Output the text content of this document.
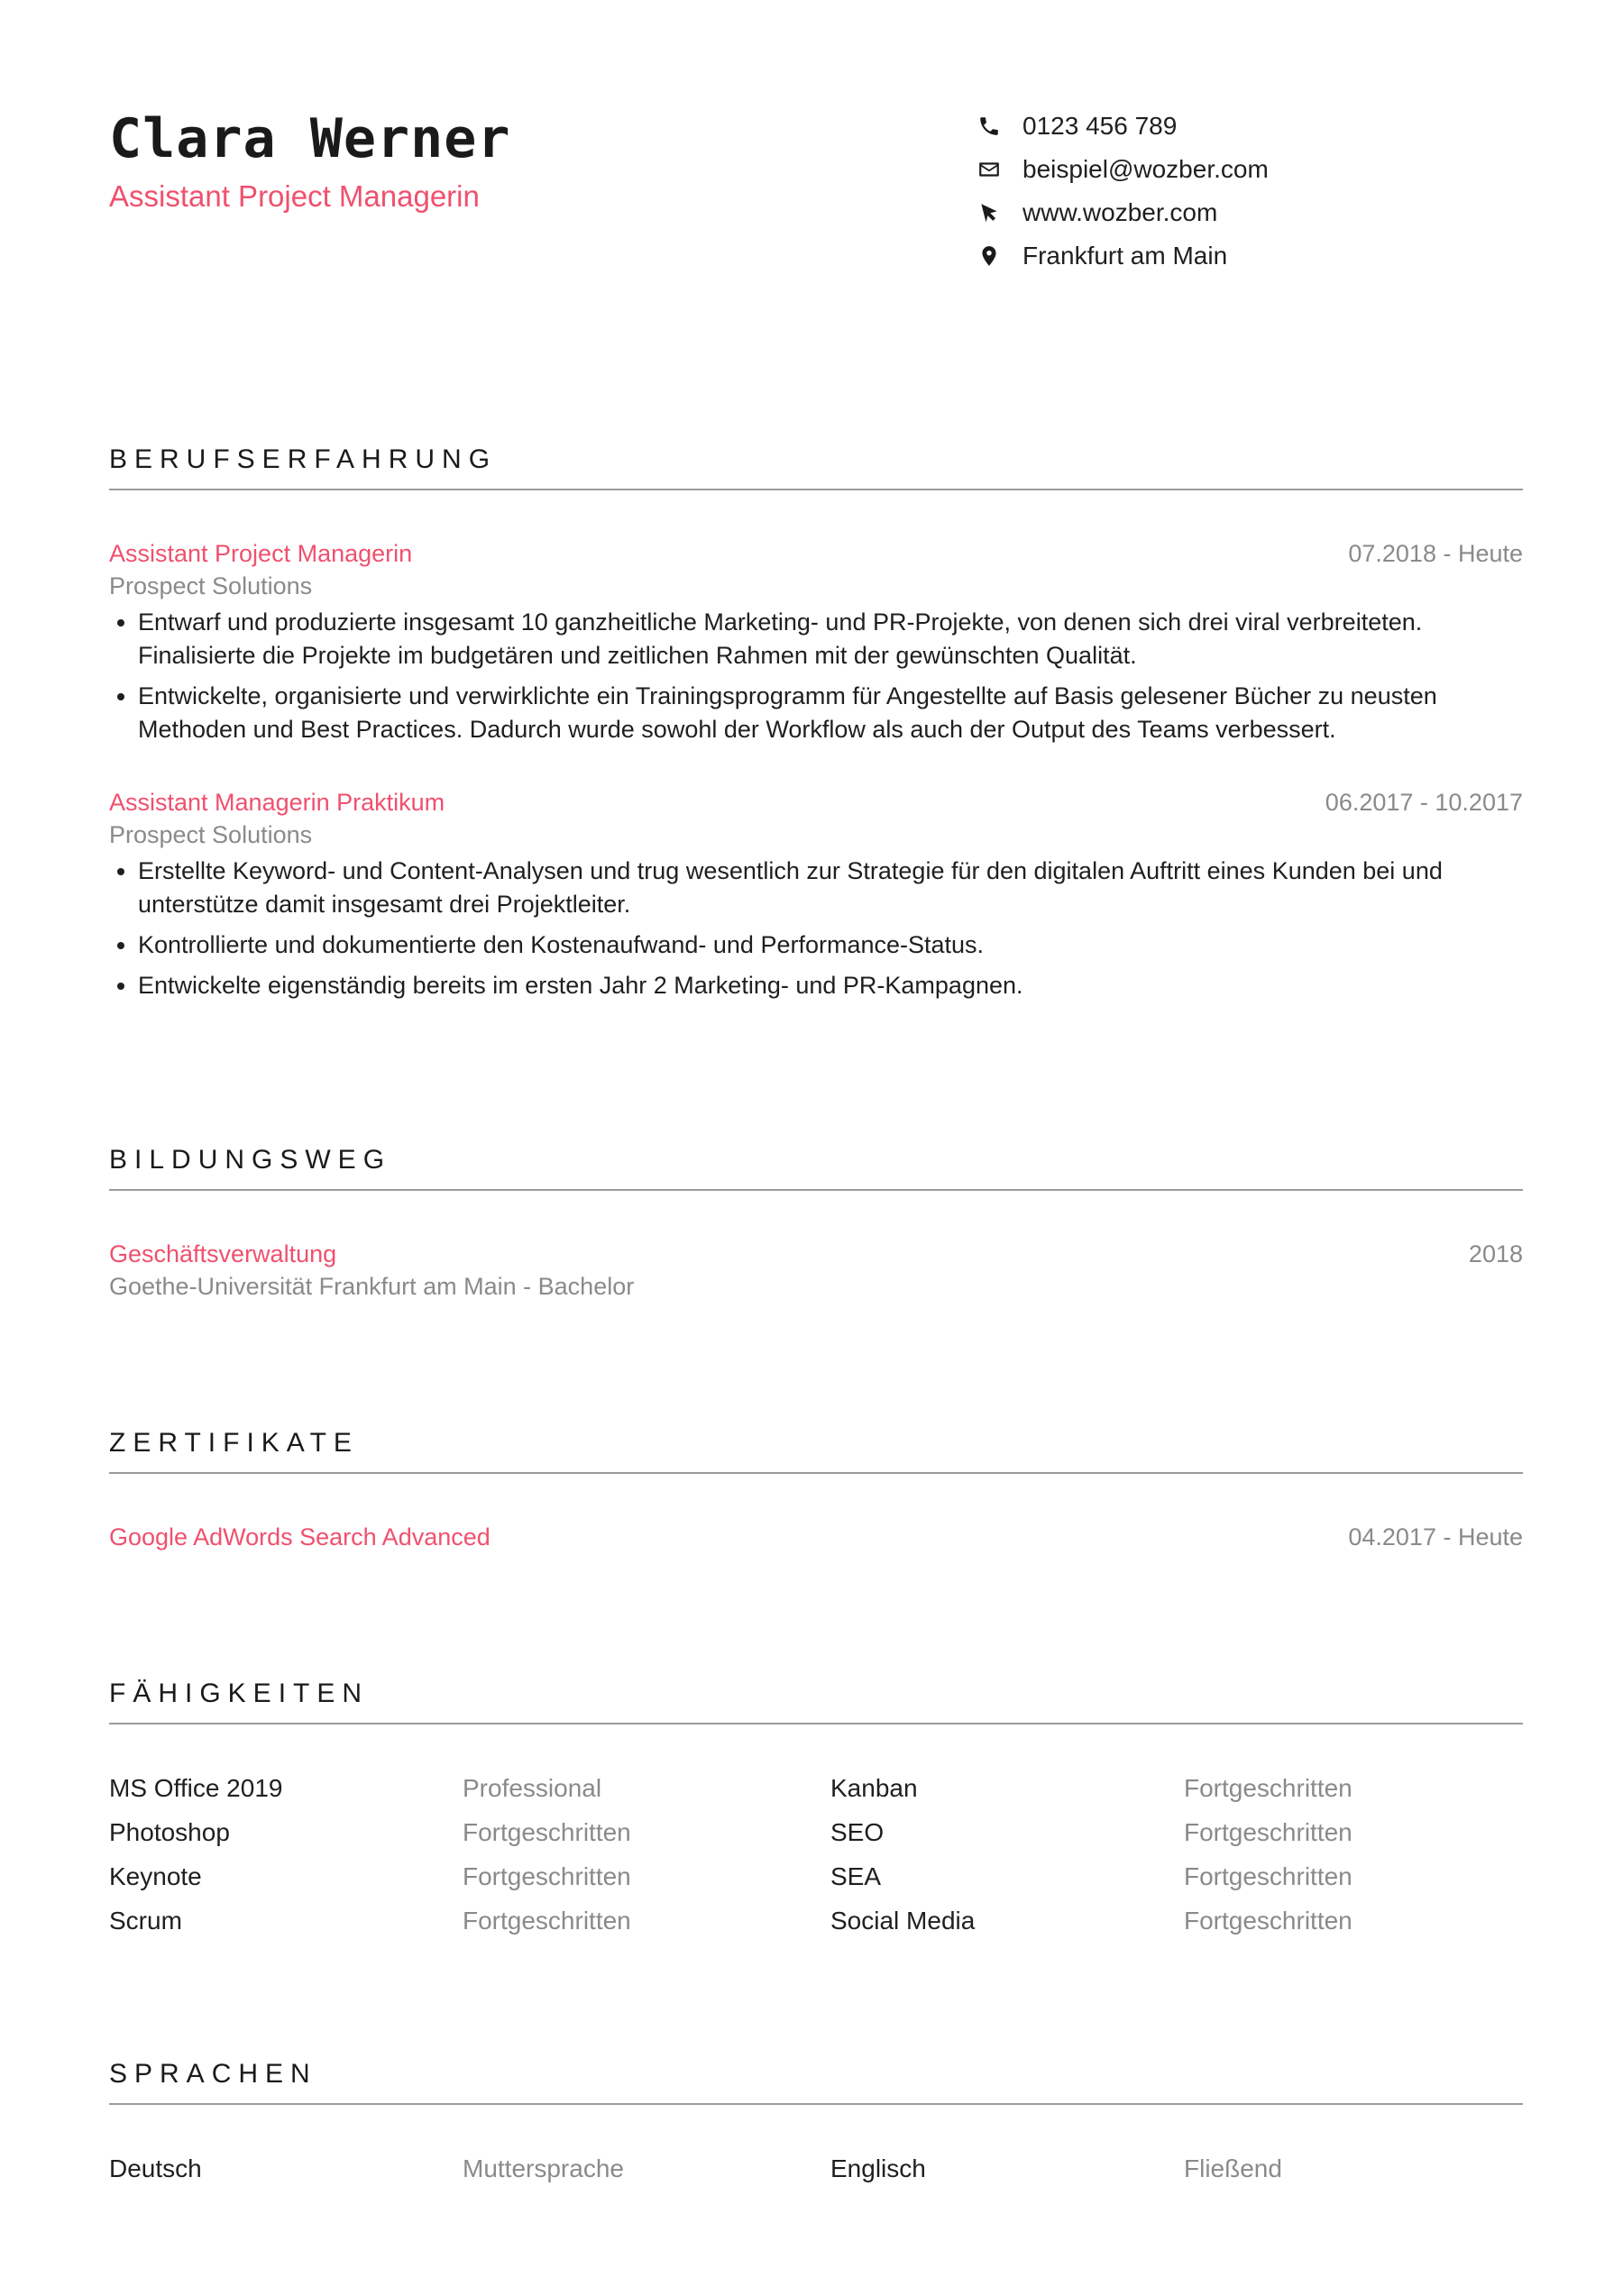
Clara Werner
Assistant Project Managerin
0123 456 789
beispiel@wozber.com
www.wozber.com
Frankfurt am Main
BERUFSERFAHRUNG
Assistant Project Managerin	07.2018 - Heute
Prospect Solutions
• Entwarf und produzierte insgesamt 10 ganzheitliche Marketing- und PR-Projekte, von denen sich drei viral verbreiteten. Finalisierte die Projekte im budgetären und zeitlichen Rahmen mit der gewünschten Qualität.
• Entwickelte, organisierte und verwirklichte ein Trainingsprogramm für Angestellte auf Basis gelesener Bücher zu neusten Methoden und Best Practices. Dadurch wurde sowohl der Workflow als auch der Output des Teams verbessert.
Assistant Managerin Praktikum	06.2017 - 10.2017
Prospect Solutions
• Erstellte Keyword- und Content-Analysen und trug wesentlich zur Strategie für den digitalen Auftritt eines Kunden bei und unterstütze damit insgesamt drei Projektleiter.
• Kontrollierte und dokumentierte den Kostenaufwand- und Performance-Status.
• Entwickelte eigenständig bereits im ersten Jahr 2 Marketing- und PR-Kampagnen.
BILDUNGSWEG
Geschäftsverwaltung	2018
Goethe-Universität Frankfurt am Main - Bachelor
ZERTIFIKATE
Google AdWords Search Advanced	04.2017 - Heute
FÄHIGKEITEN
MS Office 2019	Professional	Kanban	Fortgeschritten
Photoshop	Fortgeschritten	SEO	Fortgeschritten
Keynote	Fortgeschritten	SEA	Fortgeschritten
Scrum	Fortgeschritten	Social Media	Fortgeschritten
SPRACHEN
Deutsch	Muttersprache	Englisch	Fließend
